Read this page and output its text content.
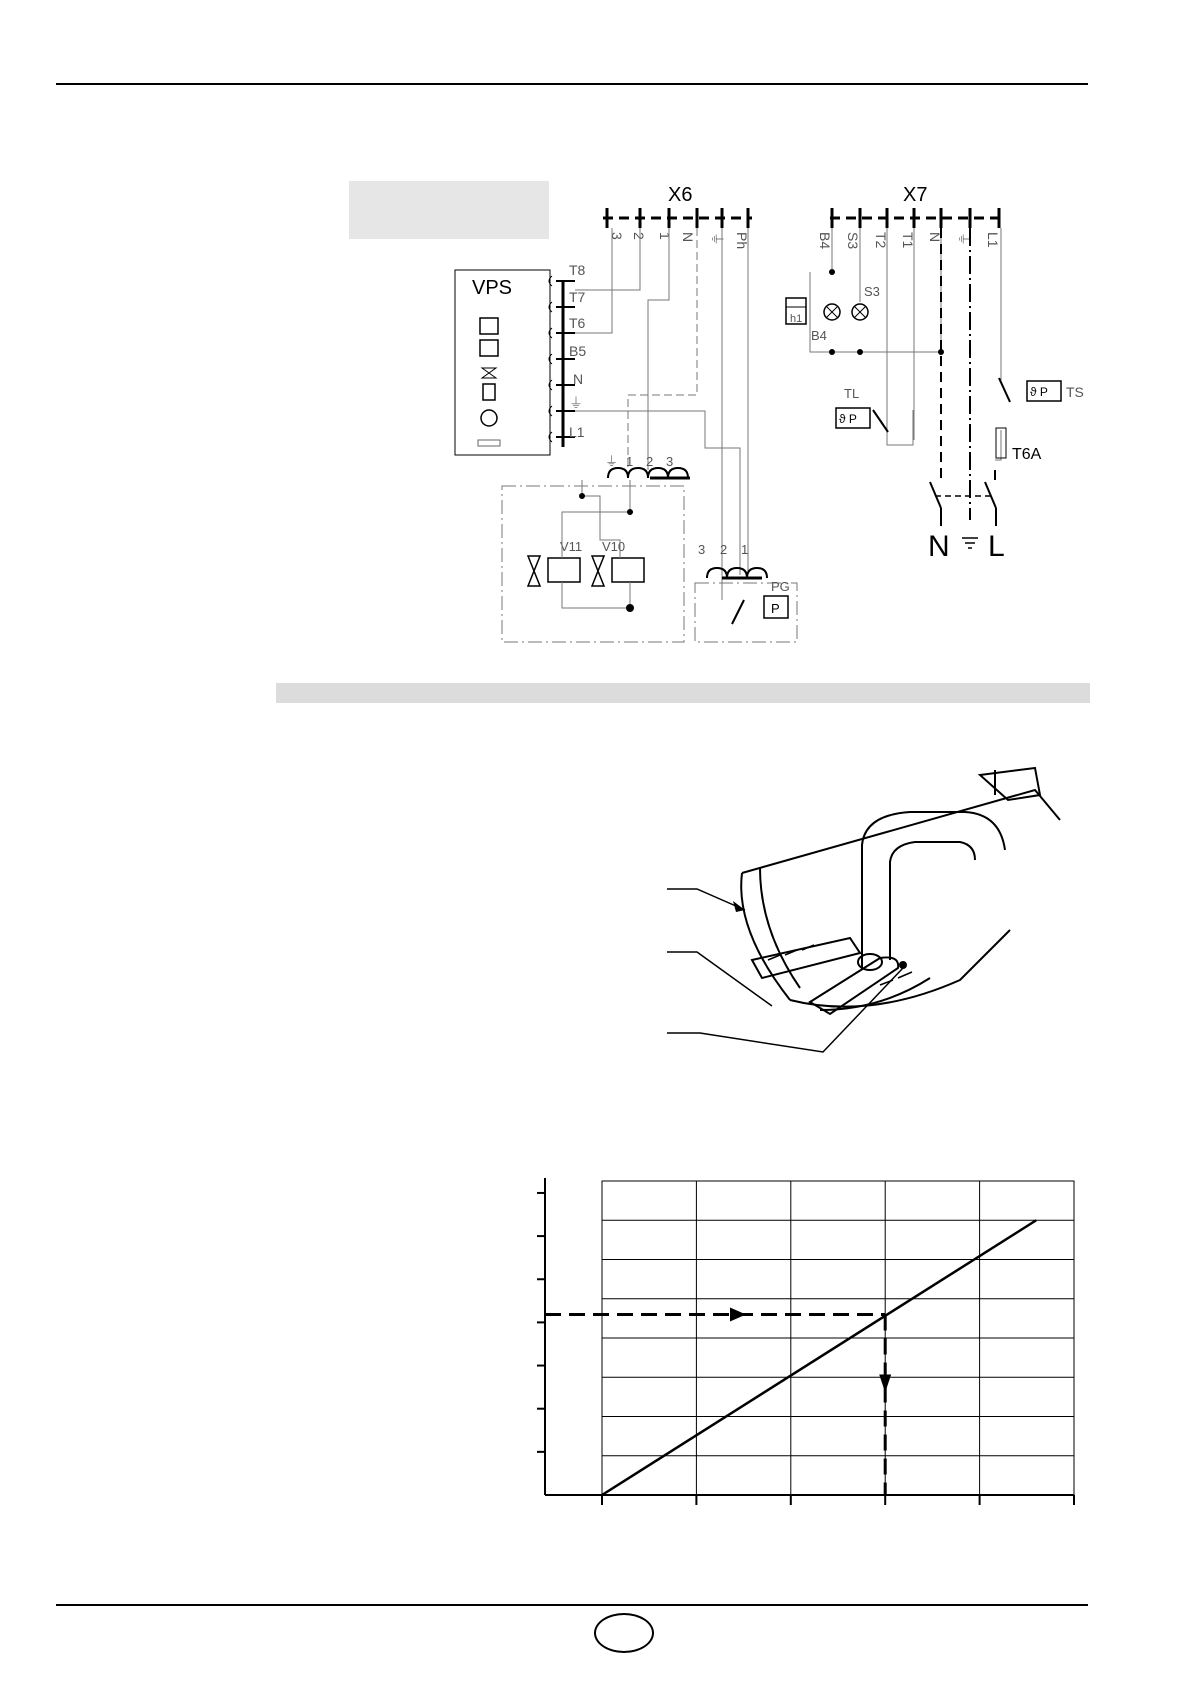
X6
3 2 1 N ⏚ Ph
X7
B4 S3 T2 T1 N ⏚ L1
VPS
T8
T7
T6
B5
N
⏚
L1
⏚ 1 2 3
V11 V10	3 2 1
PG
P
h1
B4
S3
TL
ϑ P
ϑ P TS
T6A
N L
